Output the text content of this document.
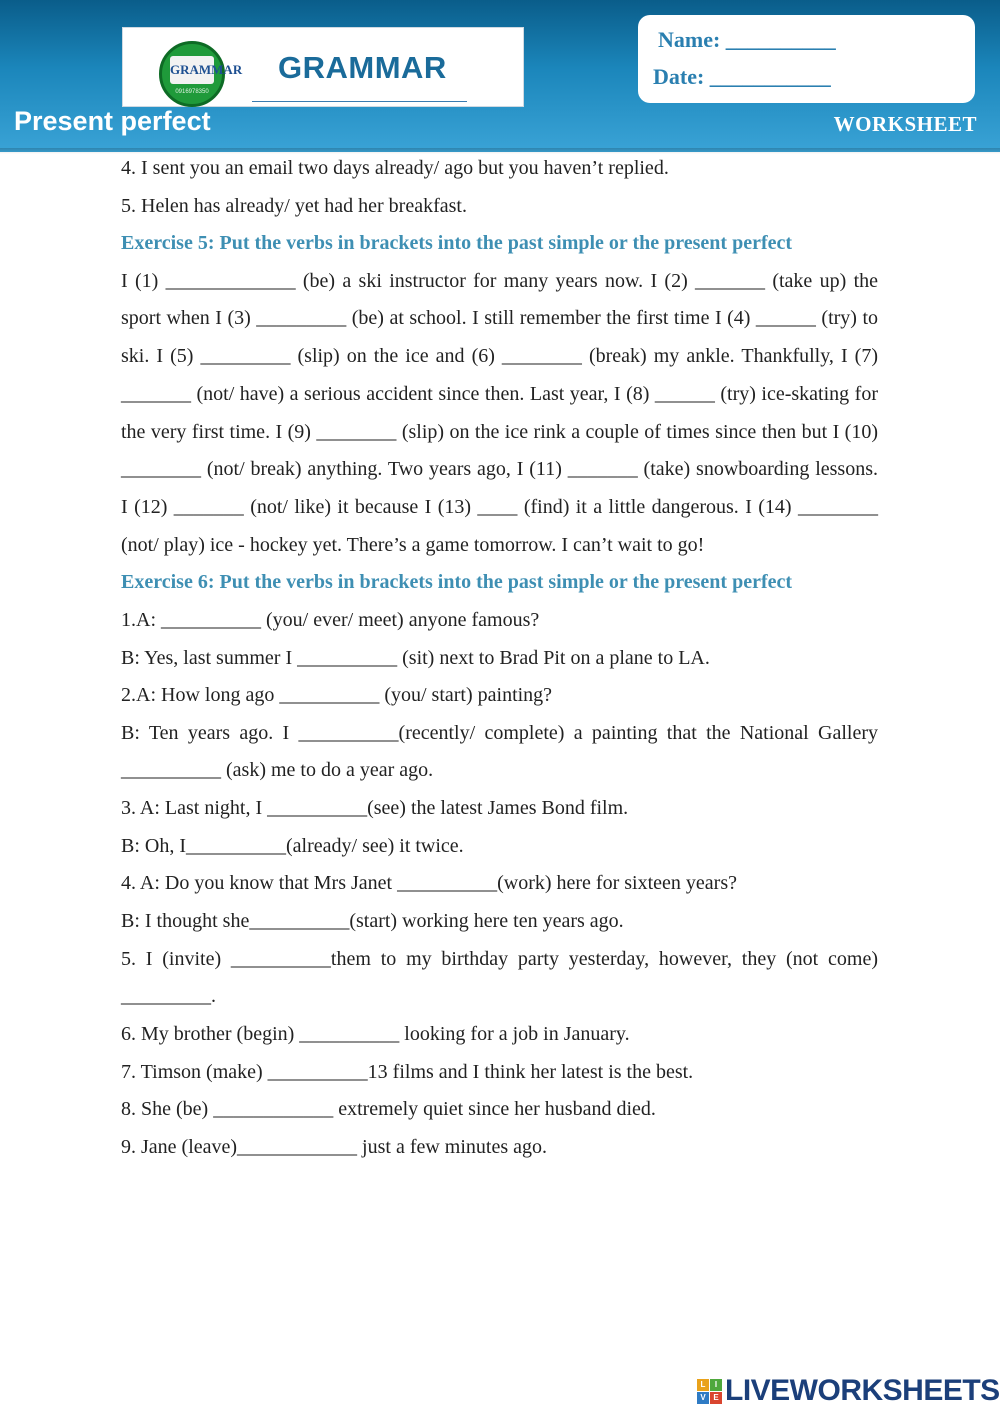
GRAMMAR
0916978350
GRAMMAR
Name: __________
Date: ___________
Present perfect	WORKSHEET
4. I sent you an email two days already/ ago but you haven’t replied.
5. Helen has already/ yet had her breakfast.
Exercise 5: Put the verbs in brackets into the past simple or the present perfect
I (1) _____________ (be) a ski instructor for many years now. I (2) _______ (take up) the sport when I (3) _________ (be) at school. I still remember the first time I (4) ______ (try) to ski. I (5) _________ (slip) on the ice and (6) ________ (break) my ankle. Thankfully, I (7) _______ (not/ have) a serious accident since then. Last year, I (8) ______ (try) ice-skating for the very first time. I (9) ________ (slip) on the ice rink a couple of times since then but I (10) ________ (not/ break) anything. Two years ago, I (11) _______ (take) snowboarding lessons. I (12) _______ (not/ like) it because I (13) ____ (find) it a little dangerous. I (14) ________ (not/ play) ice - hockey yet. There’s a game tomorrow. I can’t wait to go!
Exercise 6: Put the verbs in brackets into the past simple or the present perfect
1.A: __________ (you/ ever/ meet) anyone famous?
B: Yes, last summer I __________ (sit) next to Brad Pit on a plane to LA.
2.A: How long ago __________ (you/ start) painting?
B: Ten years ago. I __________(recently/ complete) a painting that the National Gallery __________ (ask) me to do a year ago.
3. A: Last night, I __________(see) the latest James Bond film.
B: Oh, I__________(already/ see) it twice.
4. A: Do you know that Mrs Janet __________(work) here for sixteen years?
B: I thought she__________(start) working here ten years ago.
5. I (invite) __________them to my birthday party yesterday, however, they (not come) _________.
6. My brother (begin) __________ looking for a job in January.
7. Timson (make) __________13 films and I think her latest is the best.
8. She (be) ____________ extremely quiet since her husband died.
9. Jane (leave)____________ just a few minutes ago.
L	I
V E LIVEWORKSHEETS
